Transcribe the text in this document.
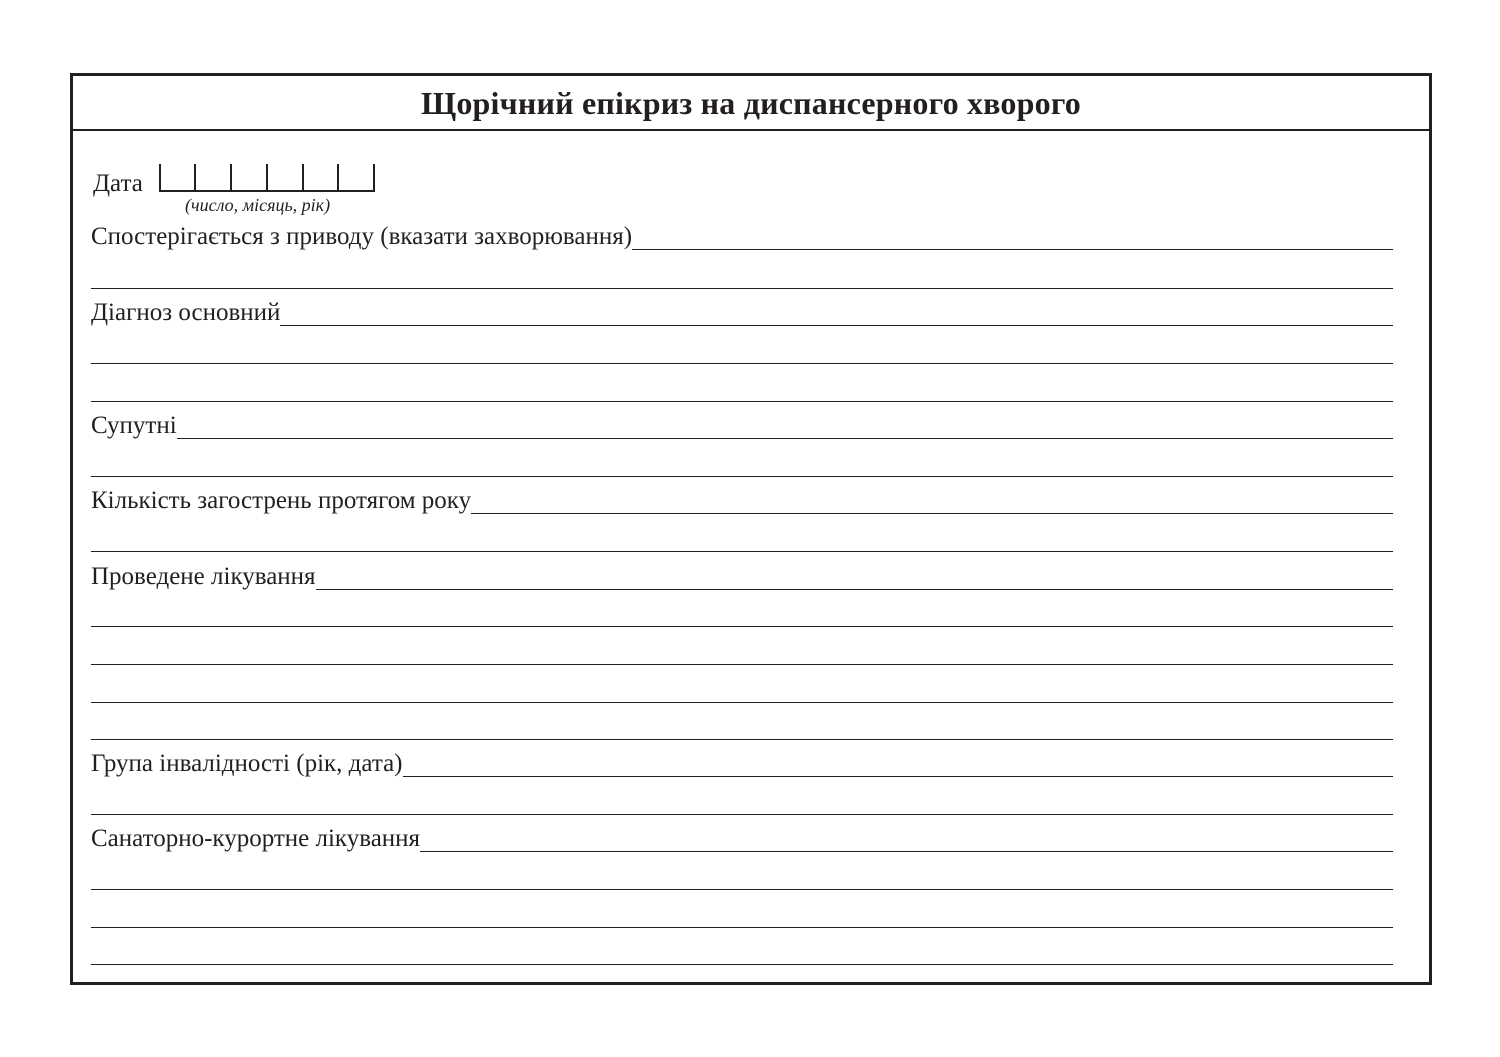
Щорічний епікриз на диспансерного хворого
Дата
(число, місяць, рік)
Спостерігається з приводу (вказати захворювання)
Діагноз основний
Супутні
Кількість загострень протягом року
Проведене лікування
Група інвалідності (рік, дата)
Санаторно-курортне лікування
